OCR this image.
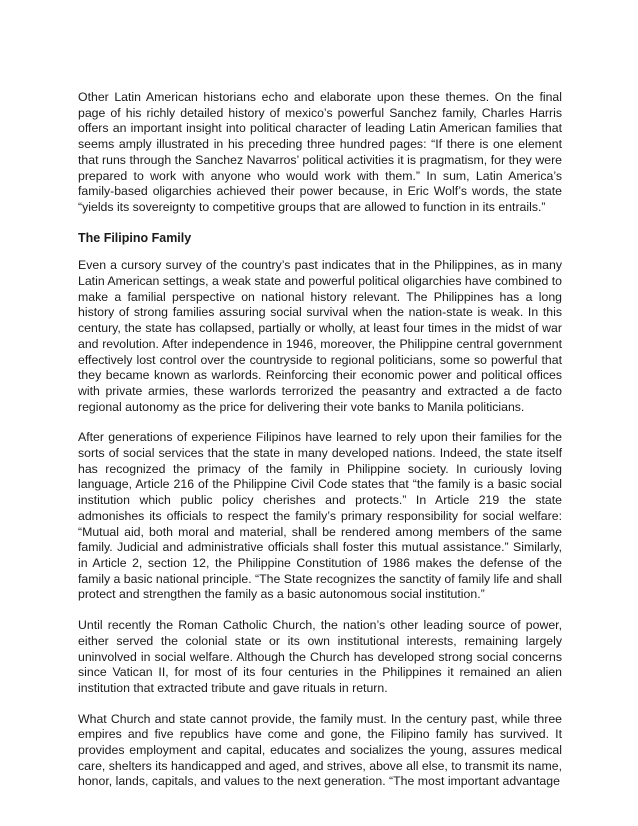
Other Latin American historians echo and elaborate upon these themes. On the final page of his richly detailed history of mexico’s powerful Sanchez family, Charles Harris offers an important insight into political character of leading Latin American families that seems amply illustrated in his preceding three hundred pages: “If there is one element that runs through the Sanchez Navarros’ political activities it is pragmatism, for they were prepared to work with anyone who would work with them.” In sum, Latin America’s family-based oligarchies achieved their power because, in Eric Wolf’s words, the state “yields its sovereignty to competitive groups that are allowed to function in its entrails.”

The Filipino Family

Even a cursory survey of the country’s past indicates that in the Philippines, as in many Latin American settings, a weak state and powerful political oligarchies have combined to make a familial perspective on national history relevant. The Philippines has a long history of strong families assuring social survival when the nation-state is weak. In this century, the state has collapsed, partially or wholly, at least four times in the midst of war and revolution. After independence in 1946, moreover, the Philippine central government effectively lost control over the countryside to regional politicians, some so powerful that they became known as warlords. Reinforcing their economic power and political offices with private armies, these warlords terrorized the peasantry and extracted a de facto regional autonomy as the price for delivering their vote banks to Manila politicians.

After generations of experience Filipinos have learned to rely upon their families for the sorts of social services that the state in many developed nations. Indeed, the state itself has recognized the primacy of the family in Philippine society. In curiously loving language, Article 216 of the Philippine Civil Code states that “the family is a basic social institution which public policy cherishes and protects.” In Article 219 the state admonishes its officials to respect the family’s primary responsibility for social welfare: “Mutual aid, both moral and material, shall be rendered among members of the same family. Judicial and administrative officials shall foster this mutual assistance.” Similarly, in Article 2, section 12, the Philippine Constitution of 1986 makes the defense of the family a basic national principle. “The State recognizes the sanctity of family life and shall protect and strengthen the family as a basic autonomous social institution.”

Until recently the Roman Catholic Church, the nation’s other leading source of power, either served the colonial state or its own institutional interests, remaining largely uninvolved in social welfare. Although the Church has developed strong social concerns since Vatican II, for most of its four centuries in the Philippines it remained an alien institution that extracted tribute and gave rituals in return.

What Church and state cannot provide, the family must. In the century past, while three empires and five republics have come and gone, the Filipino family has survived. It provides employment and capital, educates and socializes the young, assures medical care, shelters its handicapped and aged, and strives, above all else, to transmit its name, honor, lands, capitals, and values to the next generation. “The most important advantage
